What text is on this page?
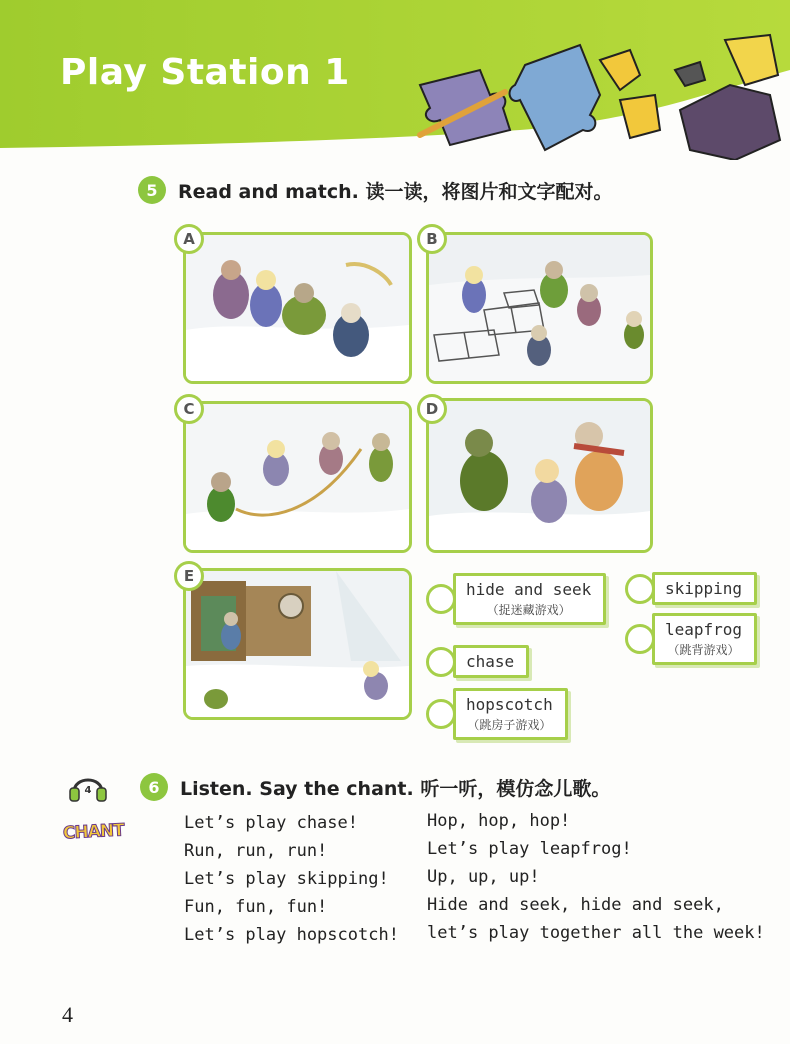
Play Station 1
5	Read and match. 读一读，将图片和文字配对。
A	B
C	D
E
hide and seek
（捉迷藏游戏）
skipping
leapfrog
（跳背游戏）
chase
hopscotch
（跳房子游戏）
4	6	Listen. Say the chant. 听一听，模仿念儿歌。
CHANT	Let’s play chase!
Run, run, run!
Let’s play skipping!
Fun, fun, fun!
Let’s play hopscotch!
Hop, hop, hop!
Let’s play leapfrog!
Up, up, up!
Hide and seek, hide and seek,
let’s play together all the week!
4
